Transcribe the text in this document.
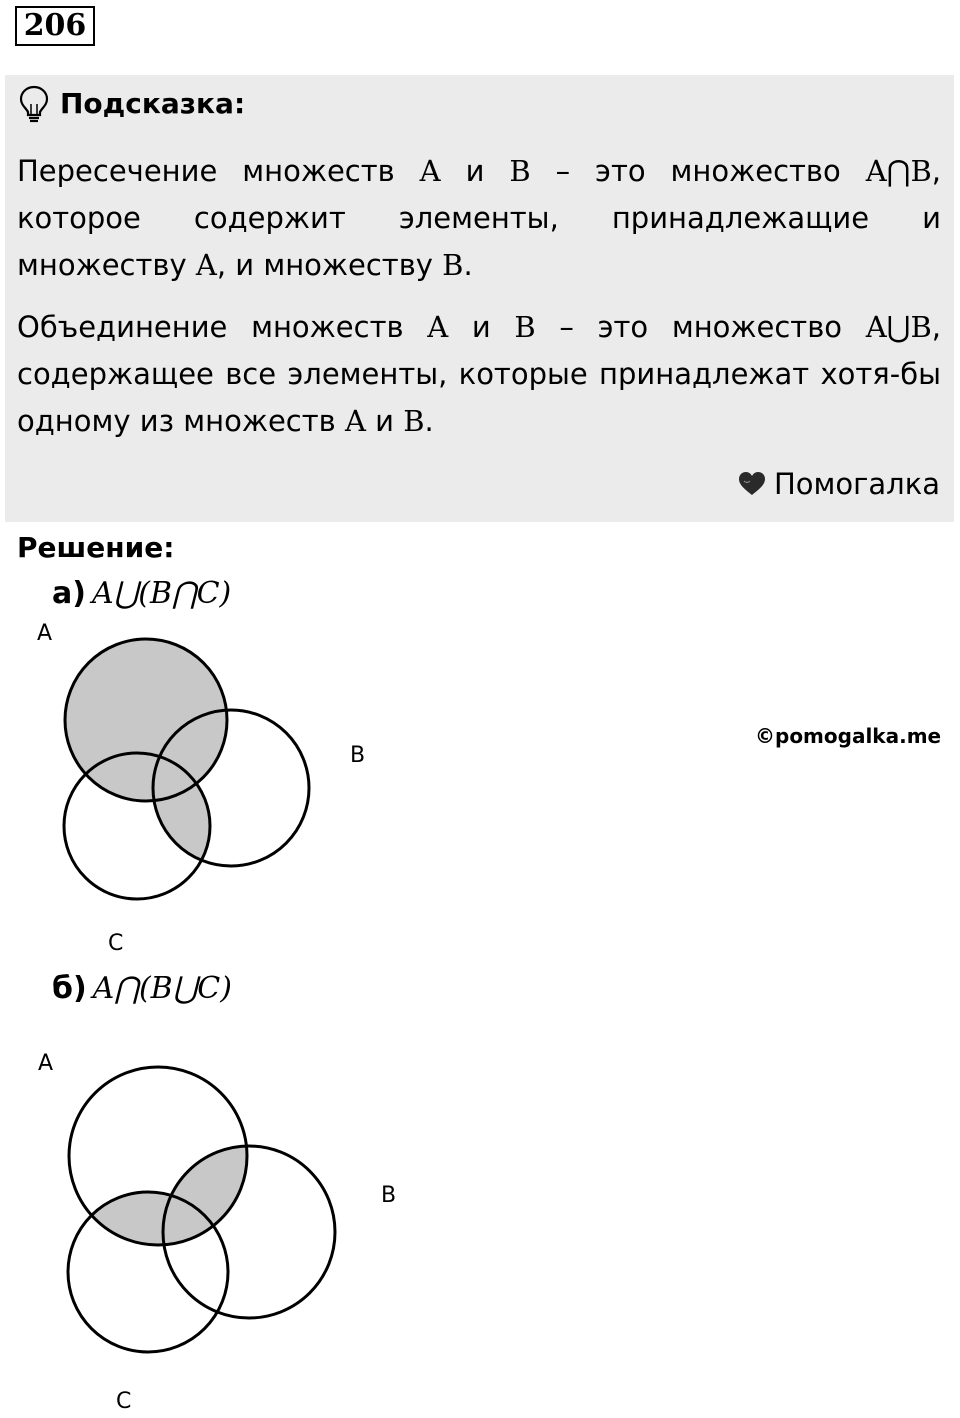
206
Подсказка:
Пересечение множеств A и B – это множество A⋂B, которое содержит элементы, принадлежащие и множеству A, и множеству B.
Объединение множеств A и B – это множество A⋃B, содержащее все элементы, которые принадлежат хотя-бы одному из множеств A и B.
Помогалка
Решение:
а) A⋃(B⋂C)
A
B
C
©pomogalka.me
б) A⋂(B⋃C)
A
B
C
